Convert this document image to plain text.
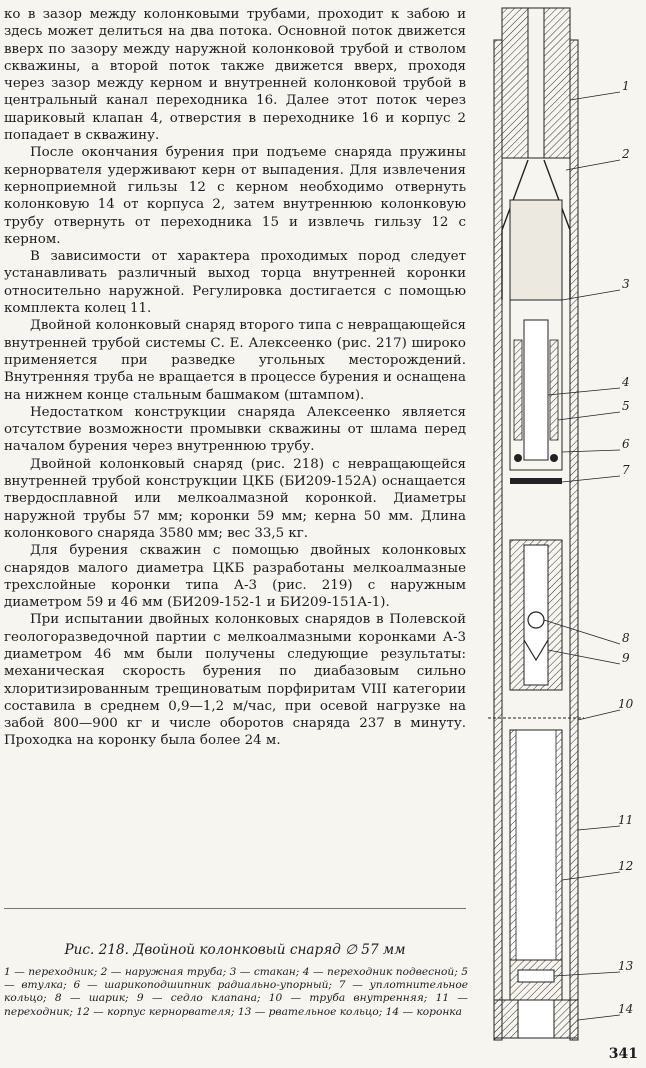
ко в зазор между колонковыми трубами, проходит к забою и здесь может делиться на два потока. Основной поток движется вверх по зазору между наружной колонковой трубой и стволом скважины, а второй поток также движется вверх, проходя через зазор между керном и внутренней колонковой трубой в центральный канал переходника 16. Далее этот поток через шариковый клапан 4, отверстия в переходнике 16 и корпус 2 попадает в скважину.

После окончания бурения при подъеме снаряда пружины кернорвателя удерживают керн от выпадения. Для извлечения керноприемной гильзы 12 с керном необходимо отвернуть колонковую 14 от корпуса 2, затем внутреннюю колонковую трубу отвернуть от переходника 15 и извлечь гильзу 12 с керном.

В зависимости от характера проходимых пород следует устанавливать различный выход торца внутренней коронки относительно наружной. Регулировка достигается с помощью комплекта колец 11.

Двойной колонковый снаряд второго типа с невращающейся внутренней трубой системы С. Е. Алексеенко (рис. 217) широко применяется при разведке угольных месторождений. Внутренняя труба не вращается в процессе бурения и оснащена на нижнем конце стальным башмаком (штампом).

Недостатком конструкции снаряда Алексеенко является отсутствие возможности промывки скважины от шлама перед началом бурения через внутреннюю трубу.

Двойной колонковый снаряд (рис. 218) с невращающейся внутренней трубой конструкции ЦКБ (БИ209-152А) оснащается твердосплавной или мелкоалмазной коронкой. Диаметры наружной трубы 57 мм; коронки 59 мм; керна 50 мм. Длина колонкового снаряда 3580 мм; вес 33,5 кг.

Для бурения скважин с помощью двойных колонковых снарядов малого диаметра ЦКБ разработаны мелкоалмазные трехслойные коронки типа А-3 (рис. 219) с наружным диаметром 59 и 46 мм (БИ209-152-1 и БИ209-151А-1).

При испытании двойных колонковых снарядов в Полевской геологоразведочной партии с мелкоалмазными коронками А-3 диаметром 46 мм были получены следующие результаты: механическая скорость бурения по диабазовым сильно хлоритизированным трещиноватым порфиритам VIII категории составила в среднем 0,9—1,2 м/час, при осевой нагрузке на забой 800—900 кг и числе оборотов снаряда 237 в минуту. Проходка на коронку была более 24 м.

Рис. 218. Двойной колонковый снаряд ∅ 57 мм
1 — переходник; 2 — наружная труба; 3 — стакан; 4 — переходник подвесной; 5 — втулка; 6 — шарикоподшипник радиально-упорный; 7 — уплотнительное кольцо; 8 — шарик; 9 — седло клапана; 10 — труба внутренняя; 11 — переходник; 12 — корпус кернорвателя; 13 — рвательное кольцо; 14 — коронка
341
1
2
3
4
5
6
7
8
9
10
11
12
13
14
